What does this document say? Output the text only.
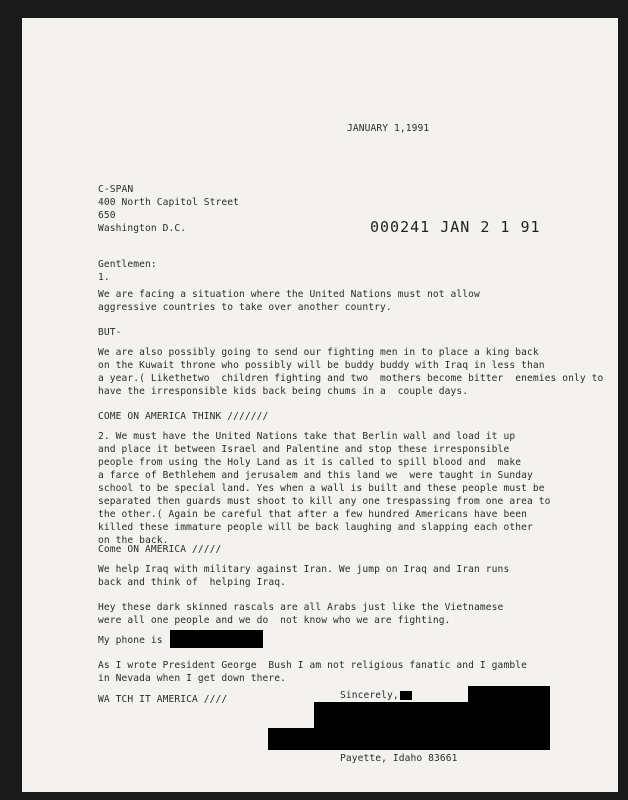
JANUARY 1,1991
C-SPAN
400 North Capitol Street
650
Washington D.C.	000241 JAN 2 1 91
Gentlemen:
1.
We are facing a situation where the United Nations must not allow
aggressive countries to take over another country.
BUT-
We are also possibly going to send our fighting men in to place a king back
on the Kuwait throne who possibly will be buddy buddy with Iraq in less than
a year.( Likethetwo  children fighting and two  mothers become bitter  enemies only to
have the irresponsible kids back being chums in a  couple days.
COME ON AMERICA THINK ///////
2. We must have the United Nations take that Berlin wall and load it up
and place it between Israel and Palentine and stop these irresponsible
people from using the Holy Land as it is called to spill blood and  make
a farce of Bethlehem and jerusalem and this land we  were taught in Sunday
school to be special land. Yes when a wall is built and these people must be
separated then guards must shoot to kill any one trespassing from one area to
the other.( Again be careful that after a few hundred Americans have been
killed these immature people will be back laughing and slapping each other
on the back.
Come ON AMERICA /////
We help Iraq with military against Iran. We jump on Iraq and Iran runs
back and think of  helping Iraq.
Hey these dark skinned rascals are all Arabs just like the Vietnamese
were all one people and we do  not know who we are fighting.
My phone is
As I wrote President George  Bush I am not religious fanatic and I gamble
in Nevada when I get down there.
WA TCH IT AMERICA ////	Sincerely,
Payette, Idaho 83661
